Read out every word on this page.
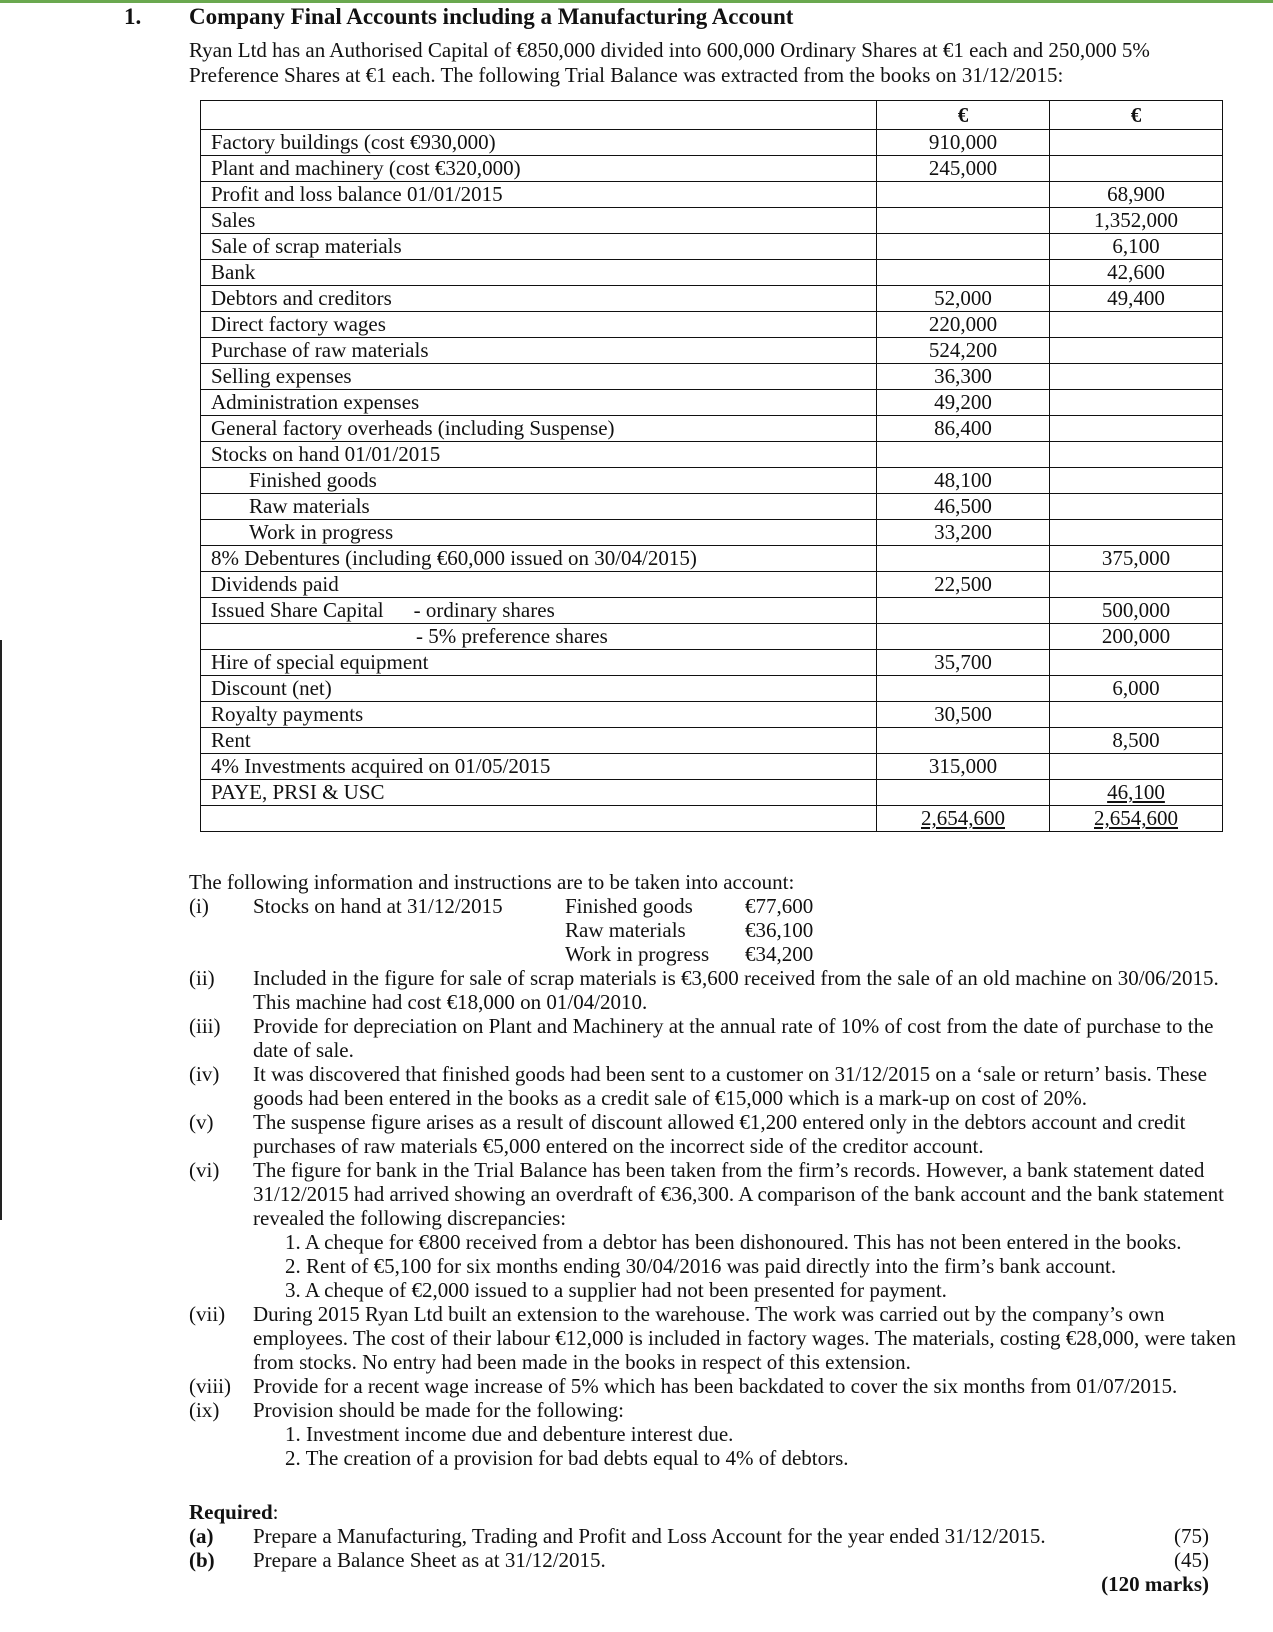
1. Company Final Accounts including a Manufacturing Account
Ryan Ltd has an Authorised Capital of €850,000 divided into 600,000 Ordinary Shares at €1 each and 250,000 5% Preference Shares at €1 each. The following Trial Balance was extracted from the books on 31/12/2015:
	€	€
Factory buildings (cost €930,000)	910,000	
Plant and machinery (cost €320,000)	245,000	
Profit and loss balance 01/01/2015		68,900
Sales		1,352,000
Sale of scrap materials		6,100
Bank		42,600
Debtors and creditors	52,000	49,400
Direct factory wages	220,000	
Purchase of raw materials	524,200	
Selling expenses	36,300	
Administration expenses	49,200	
General factory overheads (including Suspense)	86,400	
Stocks on hand 01/01/2015		
Finished goods	48,100	
Raw materials	46,500	
Work in progress	33,200	
8% Debentures (including €60,000 issued on 30/04/2015)		375,000
Dividends paid	22,500	
Issued Share Capital - ordinary shares		500,000
- 5% preference shares		200,000
Hire of special equipment	35,700	
Discount (net)		6,000
Royalty payments	30,500	
Rent		8,500
4% Investments acquired on 01/05/2015	315,000	
PAYE, PRSI & USC		46,100
	2,654,600	2,654,600
The following information and instructions are to be taken into account:
(i)	Stocks on hand at 31/12/2015	Finished goods	€77,600
Raw materials	€36,100
Work in progress	€34,200
(ii)	Included in the figure for sale of scrap materials is €3,600 received from the sale of an old machine on 30/06/2015. This machine had cost €18,000 on 01/04/2010.
(iii)	Provide for depreciation on Plant and Machinery at the annual rate of 10% of cost from the date of purchase to the date of sale.
(iv)	It was discovered that finished goods had been sent to a customer on 31/12/2015 on a ‘sale or return’ basis. These goods had been entered in the books as a credit sale of €15,000 which is a mark-up on cost of 20%.
(v)	The suspense figure arises as a result of discount allowed €1,200 entered only in the debtors account and credit purchases of raw materials €5,000 entered on the incorrect side of the creditor account.
(vi)	The figure for bank in the Trial Balance has been taken from the firm’s records. However, a bank statement dated 31/12/2015 had arrived showing an overdraft of €36,300. A comparison of the bank account and the bank statement revealed the following discrepancies:
1. A cheque for €800 received from a debtor has been dishonoured. This has not been entered in the books.
2. Rent of €5,100 for six months ending 30/04/2016 was paid directly into the firm’s bank account.
3. A cheque of €2,000 issued to a supplier had not been presented for payment.
(vii)	During 2015 Ryan Ltd built an extension to the warehouse. The work was carried out by the company’s own employees. The cost of their labour €12,000 is included in factory wages. The materials, costing €28,000, were taken from stocks. No entry had been made in the books in respect of this extension.
(viii)	Provide for a recent wage increase of 5% which has been backdated to cover the six months from 01/07/2015.
(ix)	Provision should be made for the following:
1. Investment income due and debenture interest due.
2. The creation of a provision for bad debts equal to 4% of debtors.
Required:
(a)	Prepare a Manufacturing, Trading and Profit and Loss Account for the year ended 31/12/2015.	(75)
(b)	Prepare a Balance Sheet as at 31/12/2015.	(45)
(120 marks)
